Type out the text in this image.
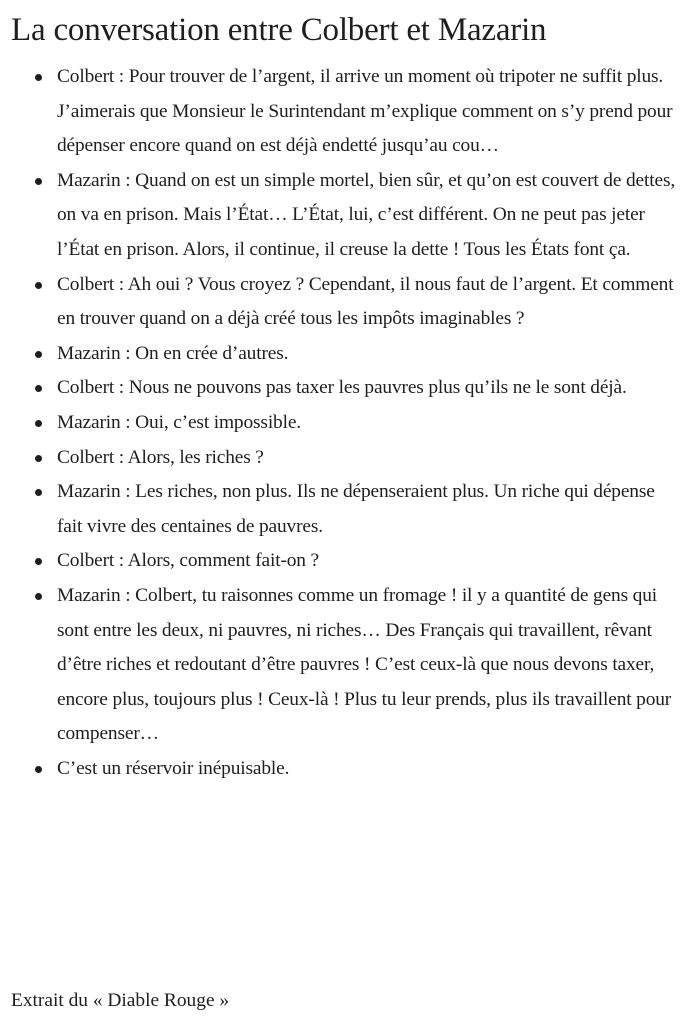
La conversation entre Colbert et Mazarin
Colbert : Pour trouver de l’argent, il arrive un moment où tripoter ne suffit plus. J’aimerais que Monsieur le Surintendant m’explique comment on s’y prend pour dépenser encore quand on est déjà endetté jusqu’au cou…
Mazarin : Quand on est un simple mortel, bien sûr, et qu’on est couvert de dettes, on va en prison. Mais l’État… L’État, lui, c’est différent. On ne peut pas jeter l’État en prison. Alors, il continue, il creuse la dette ! Tous les États font ça.
Colbert : Ah oui ? Vous croyez ? Cependant, il nous faut de l’argent. Et comment en trouver quand on a déjà créé tous les impôts imaginables ?
Mazarin : On en crée d’autres.
Colbert : Nous ne pouvons pas taxer les pauvres plus qu’ils ne le sont déjà.
Mazarin : Oui, c’est impossible.
Colbert : Alors, les riches ?
Mazarin : Les riches, non plus. Ils ne dépenseraient plus. Un riche qui dépense fait vivre des centaines de pauvres.
Colbert : Alors, comment fait-on ?
Mazarin : Colbert, tu raisonnes comme un fromage ! il y a quantité de gens qui sont entre les deux, ni pauvres, ni riches… Des Français qui travaillent, rêvant d’être riches et redoutant d’être pauvres ! C’est ceux-là que nous devons taxer, encore plus, toujours plus ! Ceux-là ! Plus tu leur prends, plus ils travaillent pour compenser…
C’est un réservoir inépuisable.

Extrait du « Diable Rouge »
